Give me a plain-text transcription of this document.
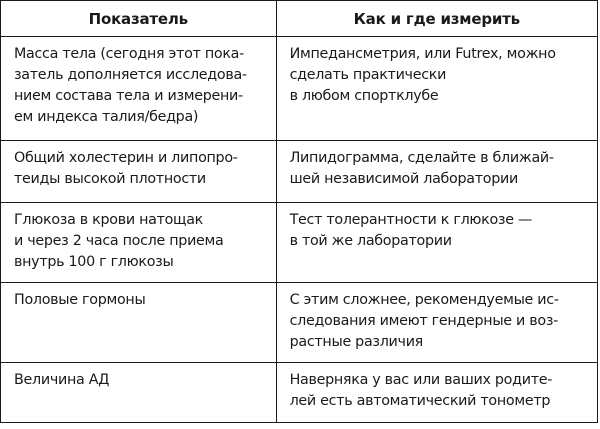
Показатель	Как и где измерить

Масса тела (сегодня этот пока-
затель дополняется исследова-
нием состава тела и измерени-
ем индекса талия/бедра)	Импедансметрия, или Futrex, можно
сделать практически
в любом спортклубе

Общий холестерин и липопро-
теиды высокой плотности	Липидограмма, сделайте в ближай-
шей независимой лаборатории

Глюкоза в крови натощак
и через 2 часа после приема
внутрь 100 г глюкозы	Тест толерантности к глюкозе —
в той же лаборатории

Половые гормоны	С этим сложнее, рекомендуемые ис-
следования имеют гендерные и воз-
растные различия

Величина АД	Наверняка у вас или ваших родите-
лей есть автоматический тонометр
